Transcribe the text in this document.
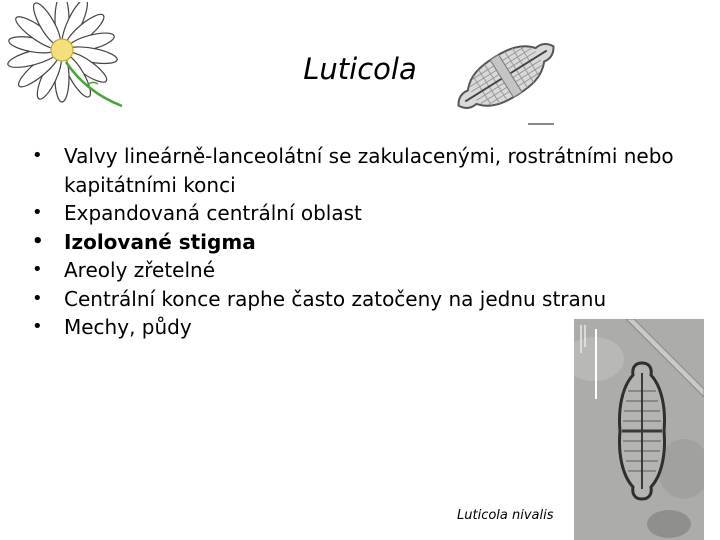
Luticola
• Valvy lineárně-lanceolátní se zakulacenými, rostrátními nebo kapitátními konci
• Expandovaná centrální oblast
• Izolované stigma
• Areoly zřetelné
• Centrální konce raphe často zatočeny na jednu stranu
• Mechy, půdy
Luticola nivalis
